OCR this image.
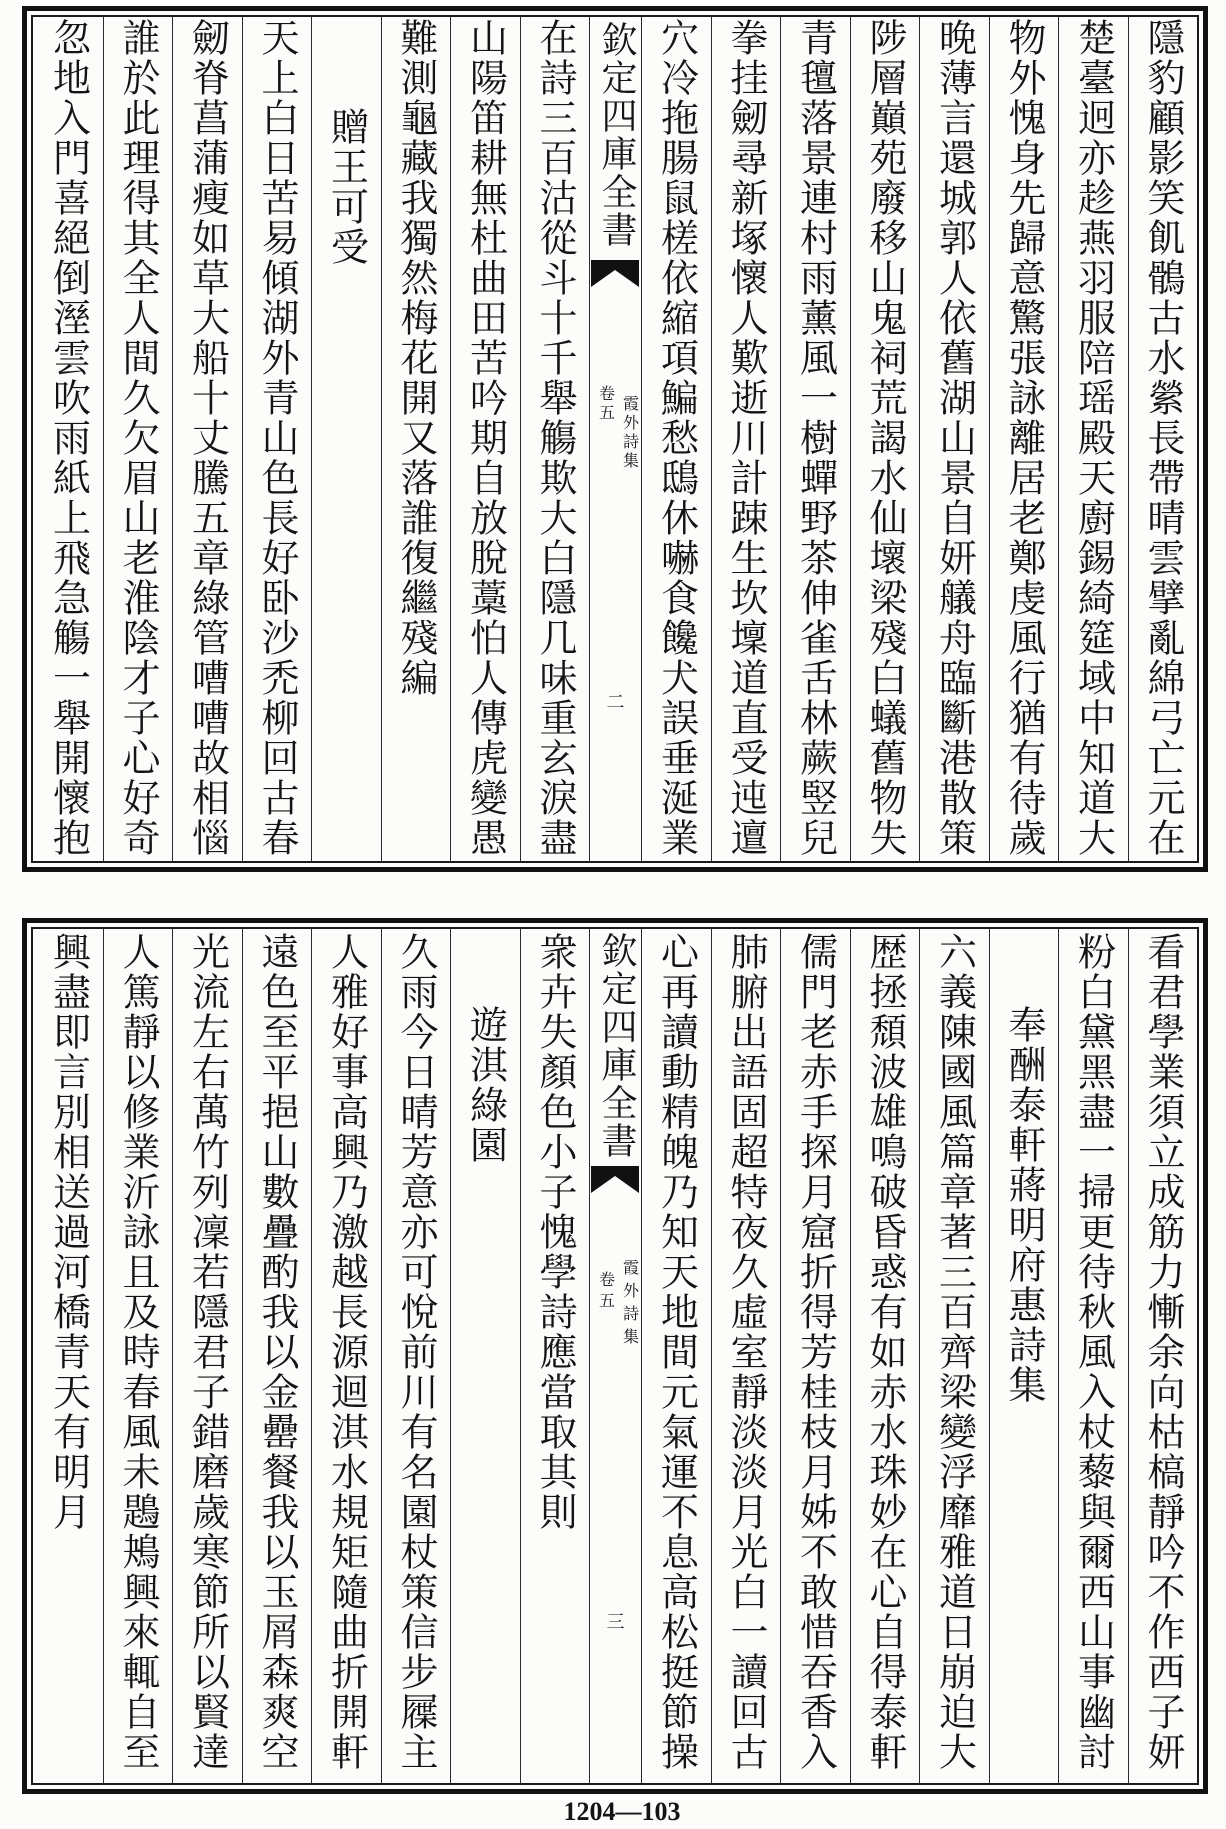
隱豹顧影笑飢鶻古水縈長帶晴雲擘亂綿弓亡元在
楚臺迥亦趁燕羽服陪瑶殿天廚錫綺筵域中知道大
物外愧身先歸意驚張詠離居老鄭虔風行猶有待歲
晚薄言還城郭人依舊湖山景自妍艤舟臨斷港散策
陟層巔苑廢移山鬼祠荒謁水仙壞梁殘白蟻舊物失
青氊落景連村雨薰風一樹蟬野茶伸雀舌林蕨竪兒
拳挂劒尋新塚懷人歎逝川計踈生坎壈道直受迍邅
穴冷拖腸鼠槎依縮項鯿愁鴟休嚇食饞犬誤垂涎業
欽定四庫全書
霞外詩集
卷五
二
在詩三百沽從斗十千舉觴欺大白隱几味重玄淚盡
山陽笛耕無杜曲田苦吟期自放脫藁怕人傳虎變愚
難測龜藏我獨然梅花開又落誰復繼殘編
贈王可受
天上白日苦易傾湖外青山色長好卧沙禿柳回古春
劒脊菖蒲瘦如草大船十丈騰五章綠管嘈嘈故相惱
誰於此理得其全人間久欠眉山老淮陰才子心好奇
忽地入門喜絕倒溼雲吹雨紙上飛急觴一舉開懷抱
看君學業須立成筋力慚余向枯槁靜吟不作西子妍
粉白黛黑盡一掃更待秋風入杖藜與爾西山事幽討
奉酬泰軒蔣明府惠詩集
六義陳國風篇章著三百齊梁變浮靡雅道日崩迫大
歴拯頹波雄鳴破昏惑有如赤水珠妙在心自得泰軒
儒門老赤手探月窟折得芳桂枝月姊不敢惜吞香入
肺腑出語固超特夜久虛室靜淡淡月光白一讀回古
心再讀動精魄乃知天地間元氣運不息高松挺節操
欽定四庫全書
霞外詩集
卷五
三
衆卉失顏色小子愧學詩應當取其則
遊淇綠園
久雨今日晴芳意亦可悅前川有名園杖策信步屧主
人雅好事高興乃激越長源迴淇水規矩隨曲折開軒
遠色至平挹山數疊酌我以金罍餐我以玉屑森爽空
光流左右萬竹列凜若隱君子錯磨歲寒節所以賢達
人篤靜以修業沂詠且及時春風未鶗鴂興來輒自至
興盡即言別相送過河橋青天有明月
1204—103
